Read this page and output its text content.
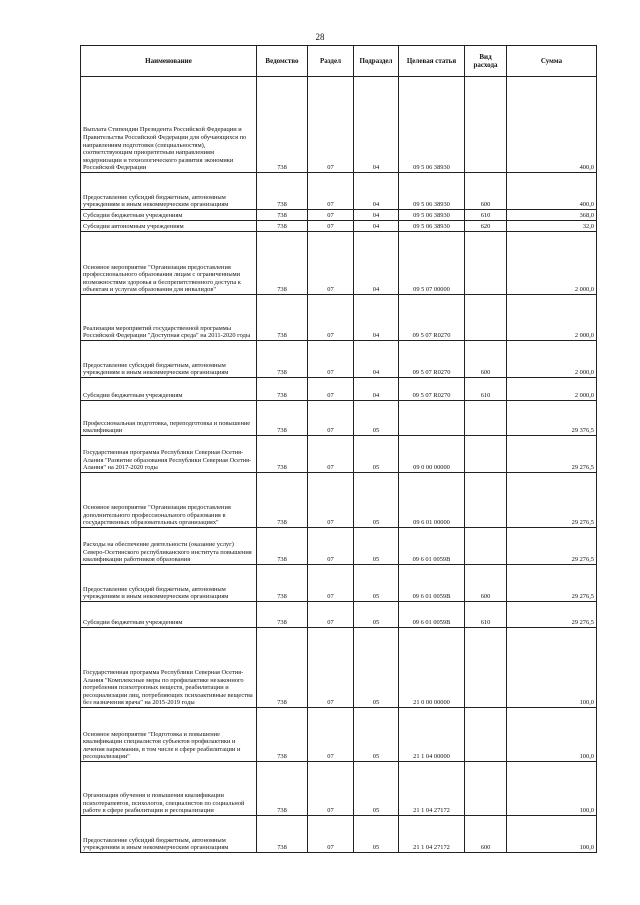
28
Наименование	Ведомство	Раздел	Подраздел	Целевая статья	Вид расхода	Сумма
Выплата Стипендии Президента Российской Федерации и Правительства Российской Федерации для обучающихся по направлениям подготовки (специальностям), соответствующим приоритетным направлениям модернизации и технологического развития экономики Российской Федерации	738	07	04	09 5 06 38930		400,0
Предоставление субсидий бюджетным, автономным учреждениям и иным некоммерческим организациям	738	07	04	09 5 06 38930	600	400,0
Субсидии бюджетным учреждениям	738	07	04	09 5 06 38930	610	368,0
Субсидии автономным учреждениям	738	07	04	09 5 06 38930	620	32,0
Основное мероприятие "Организация предоставления профессионального образования лицам с ограниченными возможностями здоровья и беспрепятственного доступа к объектам и услугам образования для инвалидов"	738	07	04	09 5 07 00000		2 000,0
Реализация мероприятий государственной программы Российской Федерации "Доступная среда" на 2011-2020 годы	738	07	04	09 5 07 R0270		2 000,0
Предоставление субсидий бюджетным, автономным учреждениям и иным некоммерческим организациям	738	07	04	09 5 07 R0270	600	2 000,0
Субсидии бюджетным учреждениям	738	07	04	09 5 07 R0270	610	2 000,0
Профессиональная подготовка, переподготовка и повышение квалификации	738	07	05			29 376,5
Государственная программа Республики Северная Осетия-Алания "Развитие образования Республики Северная Осетия-Алания" на 2017-2020 годы	738	07	05	09 0 00 00000		29 276,5
Основное мероприятие "Организация предоставления дополнительного профессионального образования в государственных образовательных организациях"	738	07	05	09 6 01 00000		29 276,5
Расходы на обеспечение деятельности (оказание услуг) Северо-Осетинского республиканского института повышения квалификации работников образования	738	07	05	09 6 01 0059В		29 276,5
Предоставление субсидий бюджетным, автономным учреждениям и иным некоммерческим организациям	738	07	05	09 6 01 0059В	600	29 276,5
Субсидии бюджетным учреждениям	738	07	05	09 6 01 0059В	610	29 276,5
Государственная программа Республики Северная Осетия-Алания "Комплексные меры по профилактике незаконного потребления психотропных веществ, реабилитации и ресоциализации лиц, потребляющих психоактивные вещества без назначения врача" на 2015-2019 годы	738	07	05	21 0 00 00000		100,0
Основное мероприятие "Подготовка и повышение квалификации специалистов субъектов профилактики и лечения наркомании, в том числе в сфере реабилитации и ресоциализации"	738	07	05	21 1 04 00000		100,0
Организация обучения и повышения квалификации психотерапевтов, психологов, специалистов по социальной работе в сфере реабилитации и ресоциализации	738	07	05	21 1 04 27172		100,0
Предоставление субсидий бюджетным, автономным учреждениям и иным некоммерческим организациям	738	07	05	21 1 04 27172	600	100,0
